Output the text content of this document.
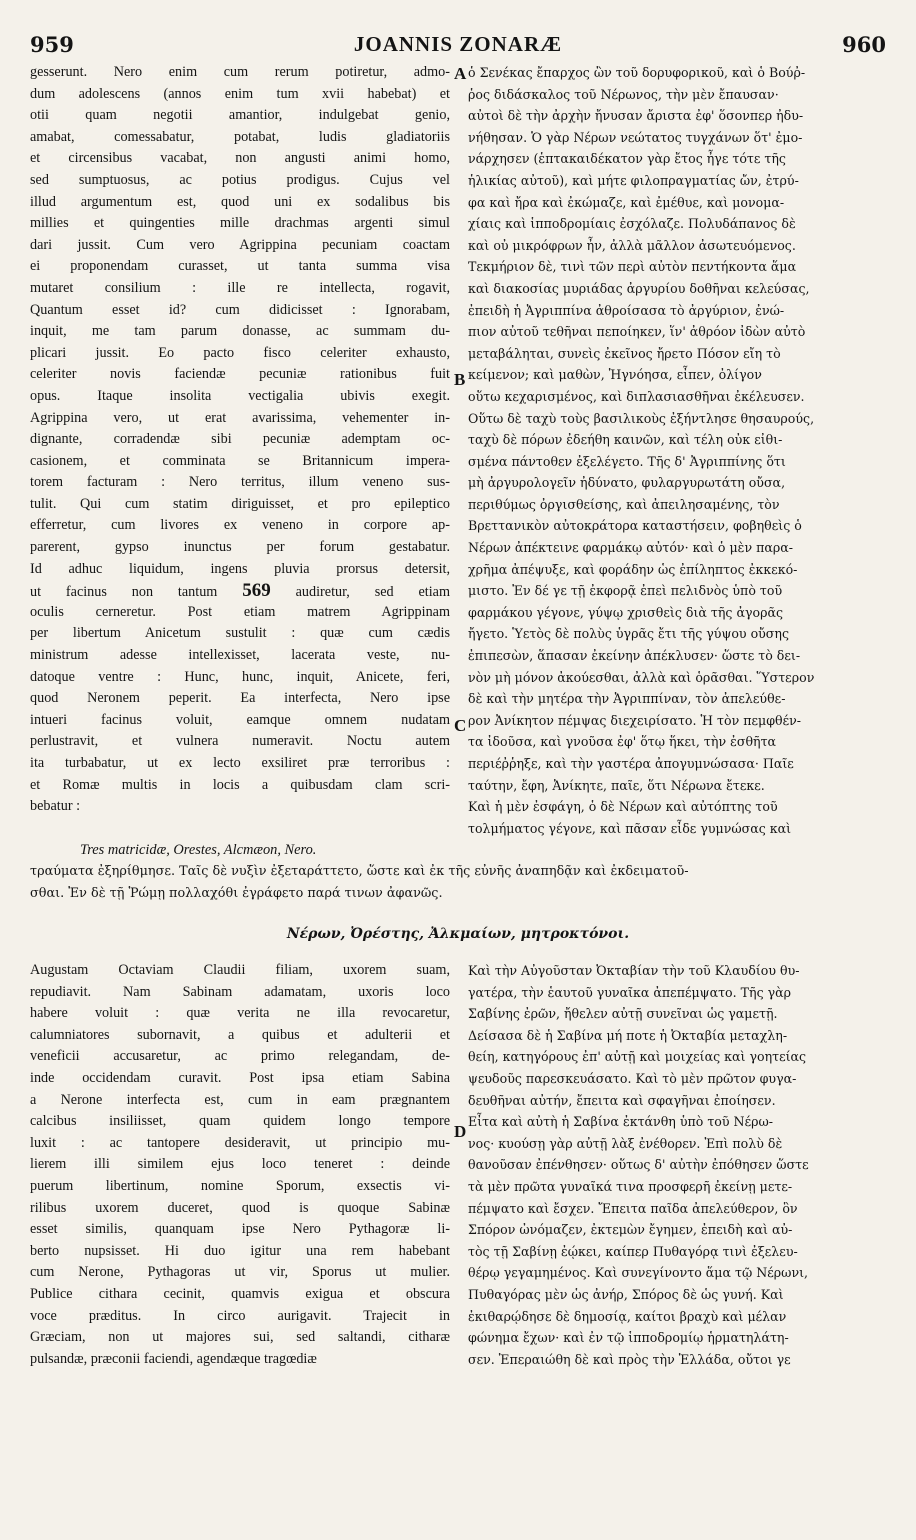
959	JOANNIS ZONARÆ	960
gesserunt. Nero enim cum rerum potiretur, admo-
dum adolescens (annos enim tum xvii habebat) et
otii quam negotii amantior, indulgebat genio,
amabat, comessabatur, potabat, ludis gladiatoriis
et circensibus vacabat, non angusti animi homo,
sed sumptuosus, ac potius prodigus. Cujus vel
illud argumentum est, quod uni ex sodalibus bis
millies et quingenties mille drachmas argenti simul
dari jussit. Cum vero Agrippina pecuniam coactam
ei proponendam curasset, ut tanta summa visa
mutaret consilium : ille re intellecta, rogavit,
Quantum esset id? cum didicisset : Ignorabam,
inquit, me tam parum donasse, ac summam du-
plicari jussit. Eo pacto fisco celeriter exhausto,
celeriter novis faciendæ pecuniæ rationibus fuit
opus. Itaque insolita vectigalia ubivis exegit.
Agrippina vero, ut erat avarissima, vehementer in-
dignante, corradendæ sibi pecuniæ ademptam oc-
casionem, et comminata se Britannicum impera-
torem facturam : Nero territus, illum veneno sus-
tulit. Qui cum statim diriguisset, et pro epileptico
efferretur, cum livores ex veneno in corpore ap-
parerent, gypso inunctus per forum gestabatur.
Id adhuc liquidum, ingens pluvia prorsus detersit,
ut facinus non tantum 569 audiretur, sed etiam
oculis cerneretur. Post etiam matrem Agrippinam
per libertum Anicetum sustulit : quæ cum cædis
ministrum adesse intellexisset, lacerata veste, nu-
datoque ventre : Hunc, hunc, inquit, Anicete, feri,
quod Neronem peperit. Ea interfecta, Nero ipse
intueri facinus voluit, eamque omnem nudatam
perlustravit, et vulnera numeravit. Noctu autem
ita turbabatur, ut ex lecto exsiliret præ terroribus :
et Romæ multis in locis a quibusdam clam scri-
bebatur :
ὁ Σενέκας ἔπαρχος ὢν τοῦ δορυφορικοῦ, καὶ ὁ Βούῤ-
ῥος διδάσκαλος τοῦ Νέρωνος, τὴν μὲν ἔπαυσαν·
αὐτοὶ δὲ τὴν ἀρχὴν ἤνυσαν ἄριστα ἐφ' ὅσονπερ ἠδυ-
νήθησαν. Ὁ γὰρ Νέρων νεώτατος τυγχάνων ὅτ' ἐμο-
νάρχησεν (ἑπτακαιδέκατον γὰρ ἔτος ἦγε τότε τῆς
ἡλικίας αὐτοῦ), καὶ μήτε φιλοπραγματίας ὤν, ἐτρύ-
φα καὶ ἤρα καὶ ἐκώμαζε, καὶ ἐμέθυε, καὶ μονομα-
χίαις καὶ ἱπποδρομίαις ἐσχόλαζε. Πολυδάπανος δὲ
καὶ οὐ μικρόφρων ἦν, ἀλλὰ μᾶλλον ἀσωτευόμενος.
Τεκμήριον δὲ, τινὶ τῶν περὶ αὐτὸν πεντήκοντα ἅμα
καὶ διακοσίας μυριάδας ἀργυρίου δοθῆναι κελεύσας,
ἐπειδὴ ἡ Ἀγριππίνα ἀθροίσασα τὸ ἀργύριον, ἐνώ-
πιον αὐτοῦ τεθῆναι πεποίηκεν, ἵν' ἀθρόον ἰδὼν αὐτὸ
μεταβάληται, συνεὶς ἐκεῖνος ἤρετο Πόσον εἴη τὸ
κείμενον; καὶ μαθὼν, Ἠγνόησα, εἶπεν, ὀλίγον
οὕτω κεχαρισμένος, καὶ διπλασιασθῆναι ἐκέλευσεν.
Οὕτω δὲ ταχὺ τοὺς βασιλικοὺς ἐξήντλησε θησαυρούς,
ταχὺ δὲ πόρων ἐδεήθη καινῶν, καὶ τέλη οὐκ εἰθι-
σμένα πάντοθεν ἐξελέγετο. Τῆς δ' Ἀγριππίνης ὅτι
μὴ ἀργυρολογεῖν ἠδύνατο, φυλαργυρωτάτη οὔσα,
περιθύμως ὀργισθείσης, καὶ ἀπειλησαμένης, τὸν
Βρεττανικὸν αὐτοκράτορα καταστήσειν, φοβηθεὶς ὁ
Νέρων ἀπέκτεινε φαρμάκῳ αὐτόν· καὶ ὁ μὲν παρα-
χρῆμα ἀπέψυξε, καὶ φοράδην ὡς ἐπίληπτος ἐκκεκό-
μιστο. Ἐν δέ γε τῇ ἐκφορᾷ ἐπεὶ πελιδνὸς ὑπὸ τοῦ
φαρμάκου γέγονε, γύψῳ χρισθεὶς διὰ τῆς ἀγορᾶς
ἤγετο. Ὑετὸς δὲ πολὺς ὑγρᾶς ἔτι τῆς γύψου οὔσης
ἐπιπεσὼν, ἅπασαν ἐκείνην ἀπέκλυσεν· ὥστε τὸ δει-
νὸν μὴ μόνον ἀκούεσθαι, ἀλλὰ καὶ ὁρᾶσθαι. Ὕστερον
δὲ καὶ τὴν μητέρα τὴν Ἀγριππίναν, τὸν ἀπελεύθε-
ρον Ἀνίκητον πέμψας διεχειρίσατο. Ἡ τὸν πεμφθέν-
τα ἰδοῦσα, καὶ γνοῦσα ἐφ' ὅτῳ ἥκει, τὴν ἐσθῆτα
περιέῤῥηξε, καὶ τὴν γαστέρα ἀπογυμνώσασα· Παῖε
ταύτην, ἔφη, Ἀνίκητε, παῖε, ὅτι Νέρωνα ἔτεκε.
Καὶ ἡ μὲν ἐσφάγη, ὁ δὲ Νέρων καὶ αὐτόπτης τοῦ
τολμήματος γέγονε, καὶ πᾶσαν εἶδε γυμνώσας καὶ
A
B
C
D
Tres matricidæ, Orestes, Alcmæon, Nero.
τραύματα ἐξηρίθμησε. Ταῖς δὲ νυξὶν ἐξεταράττετο, ὥστε καὶ ἐκ τῆς εὐνῆς ἀναπηδᾷν καὶ ἐκδειματοῦ-
σθαι. Ἐν δὲ τῇ Ῥώμῃ πολλαχόθι ἐγράφετο παρά τινων ἀφανῶς.
Νέρων, Ὀρέστης, Ἀλκμαίων, μητροκτόνοι.
Augustam Octaviam Claudii filiam, uxorem suam,
repudiavit. Nam Sabinam adamatam, uxoris loco
habere voluit : quæ verita ne illa revocaretur,
calumniatores subornavit, a quibus et adulterii et
veneficii accusaretur, ac primo relegandam, de-
inde occidendam curavit. Post ipsa etiam Sabina
a Nerone interfecta est, cum in eam prægnantem
calcibus insiliisset, quam quidem longo tempore
luxit : ac tantopere desideravit, ut principio mu-
lierem illi similem ejus loco teneret : deinde
puerum libertinum, nomine Sporum, exsectis vi-
rilibus uxorem duceret, quod is quoque Sabinæ
esset similis, quanquam ipse Nero Pythagoræ li-
berto nupsisset. Hi duo igitur una rem habebant
cum Nerone, Pythagoras ut vir, Sporus ut mulier.
Publice cithara cecinit, quamvis exigua et obscura
voce præditus. In circo aurigavit. Trajecit in
Græciam, non ut majores sui, sed saltandi, citharæ
pulsandæ, præconii faciendi, agendæque tragœdiæ
Καὶ τὴν Αὐγοῦσταν Ὀκταβίαν τὴν τοῦ Κλαυδίου θυ-
γατέρα, τὴν ἑαυτοῦ γυναῖκα ἀπεπέμψατο. Τῆς γὰρ
Σαβίνης ἐρῶν, ἤθελεν αὐτῇ συνεῖναι ὡς γαμετῇ.
Δείσασα δὲ ἡ Σαβίνα μή ποτε ἡ Ὀκταβία μεταχλη-
θείη, κατηγόρους ἐπ' αὐτῇ καὶ μοιχείας καὶ γοητείας
ψευδοῦς παρεσκευάσατο. Καὶ τὸ μὲν πρῶτον φυγα-
δευθῆναι αὐτήν, ἔπειτα καὶ σφαγῆναι ἐποίησεν.
Εἶτα καὶ αὐτὴ ἡ Σαβίνα ἐκτάνθη ὑπὸ τοῦ Νέρω-
νος· κυούσῃ γὰρ αὐτῇ λὰξ ἐνέθορεν. Ἐπὶ πολὺ δὲ
θανοῦσαν ἐπένθησεν· οὕτως δ' αὐτὴν ἐπόθησεν ὥστε
τὰ μὲν πρῶτα γυναῖκά τινα προσφερῆ ἐκείνῃ μετε-
πέμψατο καὶ ἔσχεν. Ἔπειτα παῖδα ἀπελεύθερον, ὃν
Σπόρον ὠνόμαζεν, ἐκτεμὼν ἔγημεν, ἐπειδὴ καὶ αὐ-
τὸς τῇ Σαβίνῃ ἐῴκει, καίπερ Πυθαγόρᾳ τινὶ ἐξελευ-
θέρῳ γεγαμημένος. Καὶ συνεγίνοντο ἅμα τῷ Νέρωνι,
Πυθαγόρας μὲν ὡς ἀνήρ, Σπόρος δὲ ὡς γυνή. Καὶ
ἐκιθαρῴδησε δὲ δημοσίᾳ, καίτοι βραχὺ καὶ μέλαν
φώνημα ἔχων· καὶ ἐν τῷ ἱπποδρομίῳ ἡρματηλάτη-
σεν. Ἐπεραιώθη δὲ καὶ πρὸς τὴν Ἑλλάδα, οὔτοι γε
